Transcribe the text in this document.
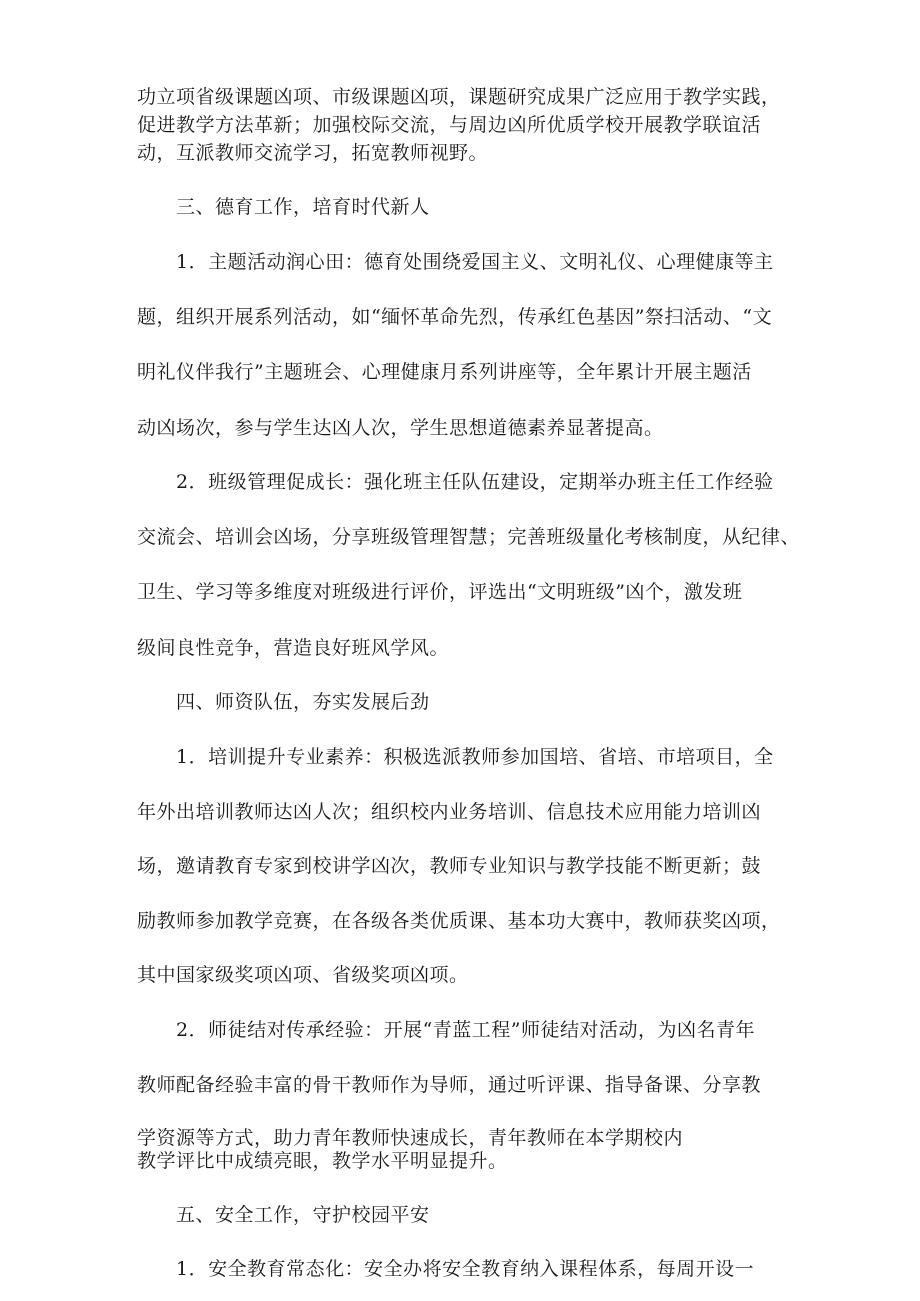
功立项省级课题凶项、市级课题凶项，课题研究成果广泛应用于教学实践，

促进教学方法革新；加强校际交流，与周边凶所优质学校开展教学联谊活

动，互派教师交流学习，拓宽教师视野。

三、德育工作，培育时代新人

1．主题活动润心田：德育处围绕爱国主义、文明礼仪、心理健康等主

题，组织开展系列活动，如“缅怀革命先烈，传承红色基因”祭扫活动、“文

明礼仪伴我行”主题班会、心理健康月系列讲座等，全年累计开展主题活

动凶场次，参与学生达凶人次，学生思想道德素养显著提高。

2．班级管理促成长：强化班主任队伍建设，定期举办班主任工作经验

交流会、培训会凶场，分享班级管理智慧；完善班级量化考核制度，从纪律、

卫生、学习等多维度对班级进行评价，评选出“文明班级”凶个，激发班

级间良性竞争，营造良好班风学风。

四、师资队伍，夯实发展后劲

1．培训提升专业素养：积极选派教师参加国培、省培、市培项目，全

年外出培训教师达凶人次；组织校内业务培训、信息技术应用能力培训凶

场，邀请教育专家到校讲学凶次，教师专业知识与教学技能不断更新；鼓

励教师参加教学竞赛，在各级各类优质课、基本功大赛中，教师获奖凶项，

其中国家级奖项凶项、省级奖项凶项。

2．师徒结对传承经验：开展“青蓝工程”师徒结对活动，为凶名青年

教师配备经验丰富的骨干教师作为导师，通过听评课、指导备课、分享教

学资源等方式，助力青年教师快速成长，青年教师在本学期校内

教学评比中成绩亮眼，教学水平明显提升。

五、安全工作，守护校园平安

1．安全教育常态化：安全办将安全教育纳入课程体系，每周开设一
